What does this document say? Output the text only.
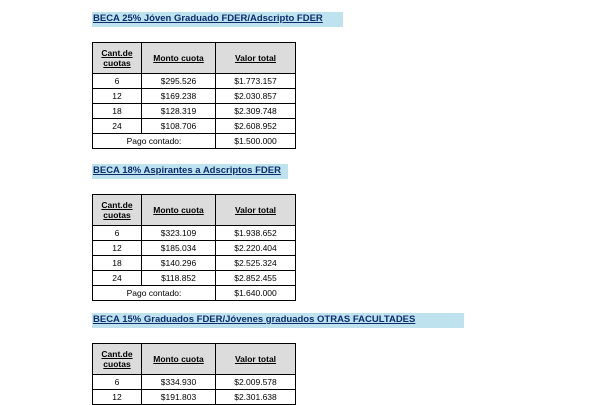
BECA 25% Jóven Graduado FDER/Adscripto FDER
Cant.de cuotas	Monto cuota	Valor total
6	$295.526	$1.773.157
12	$169.238	$2.030.857
18	$128.319	$2.309.748
24	$108.706	$2.608.952
Pago contado:		$1.500.000
BECA 18% Aspirantes a Adscriptos FDER
Cant.de cuotas	Monto cuota	Valor total
6	$323.109	$1.938.652
12	$185.034	$2.220.404
18	$140.296	$2.525.324
24	$118.852	$2.852.455
Pago contado:		$1.640.000
BECA 15% Graduados FDER/Jóvenes graduados OTRAS FACULTADES
Cant.de cuotas	Monto cuota	Valor total
6	$334.930	$2.009.578
12	$191.803	$2.301.638
